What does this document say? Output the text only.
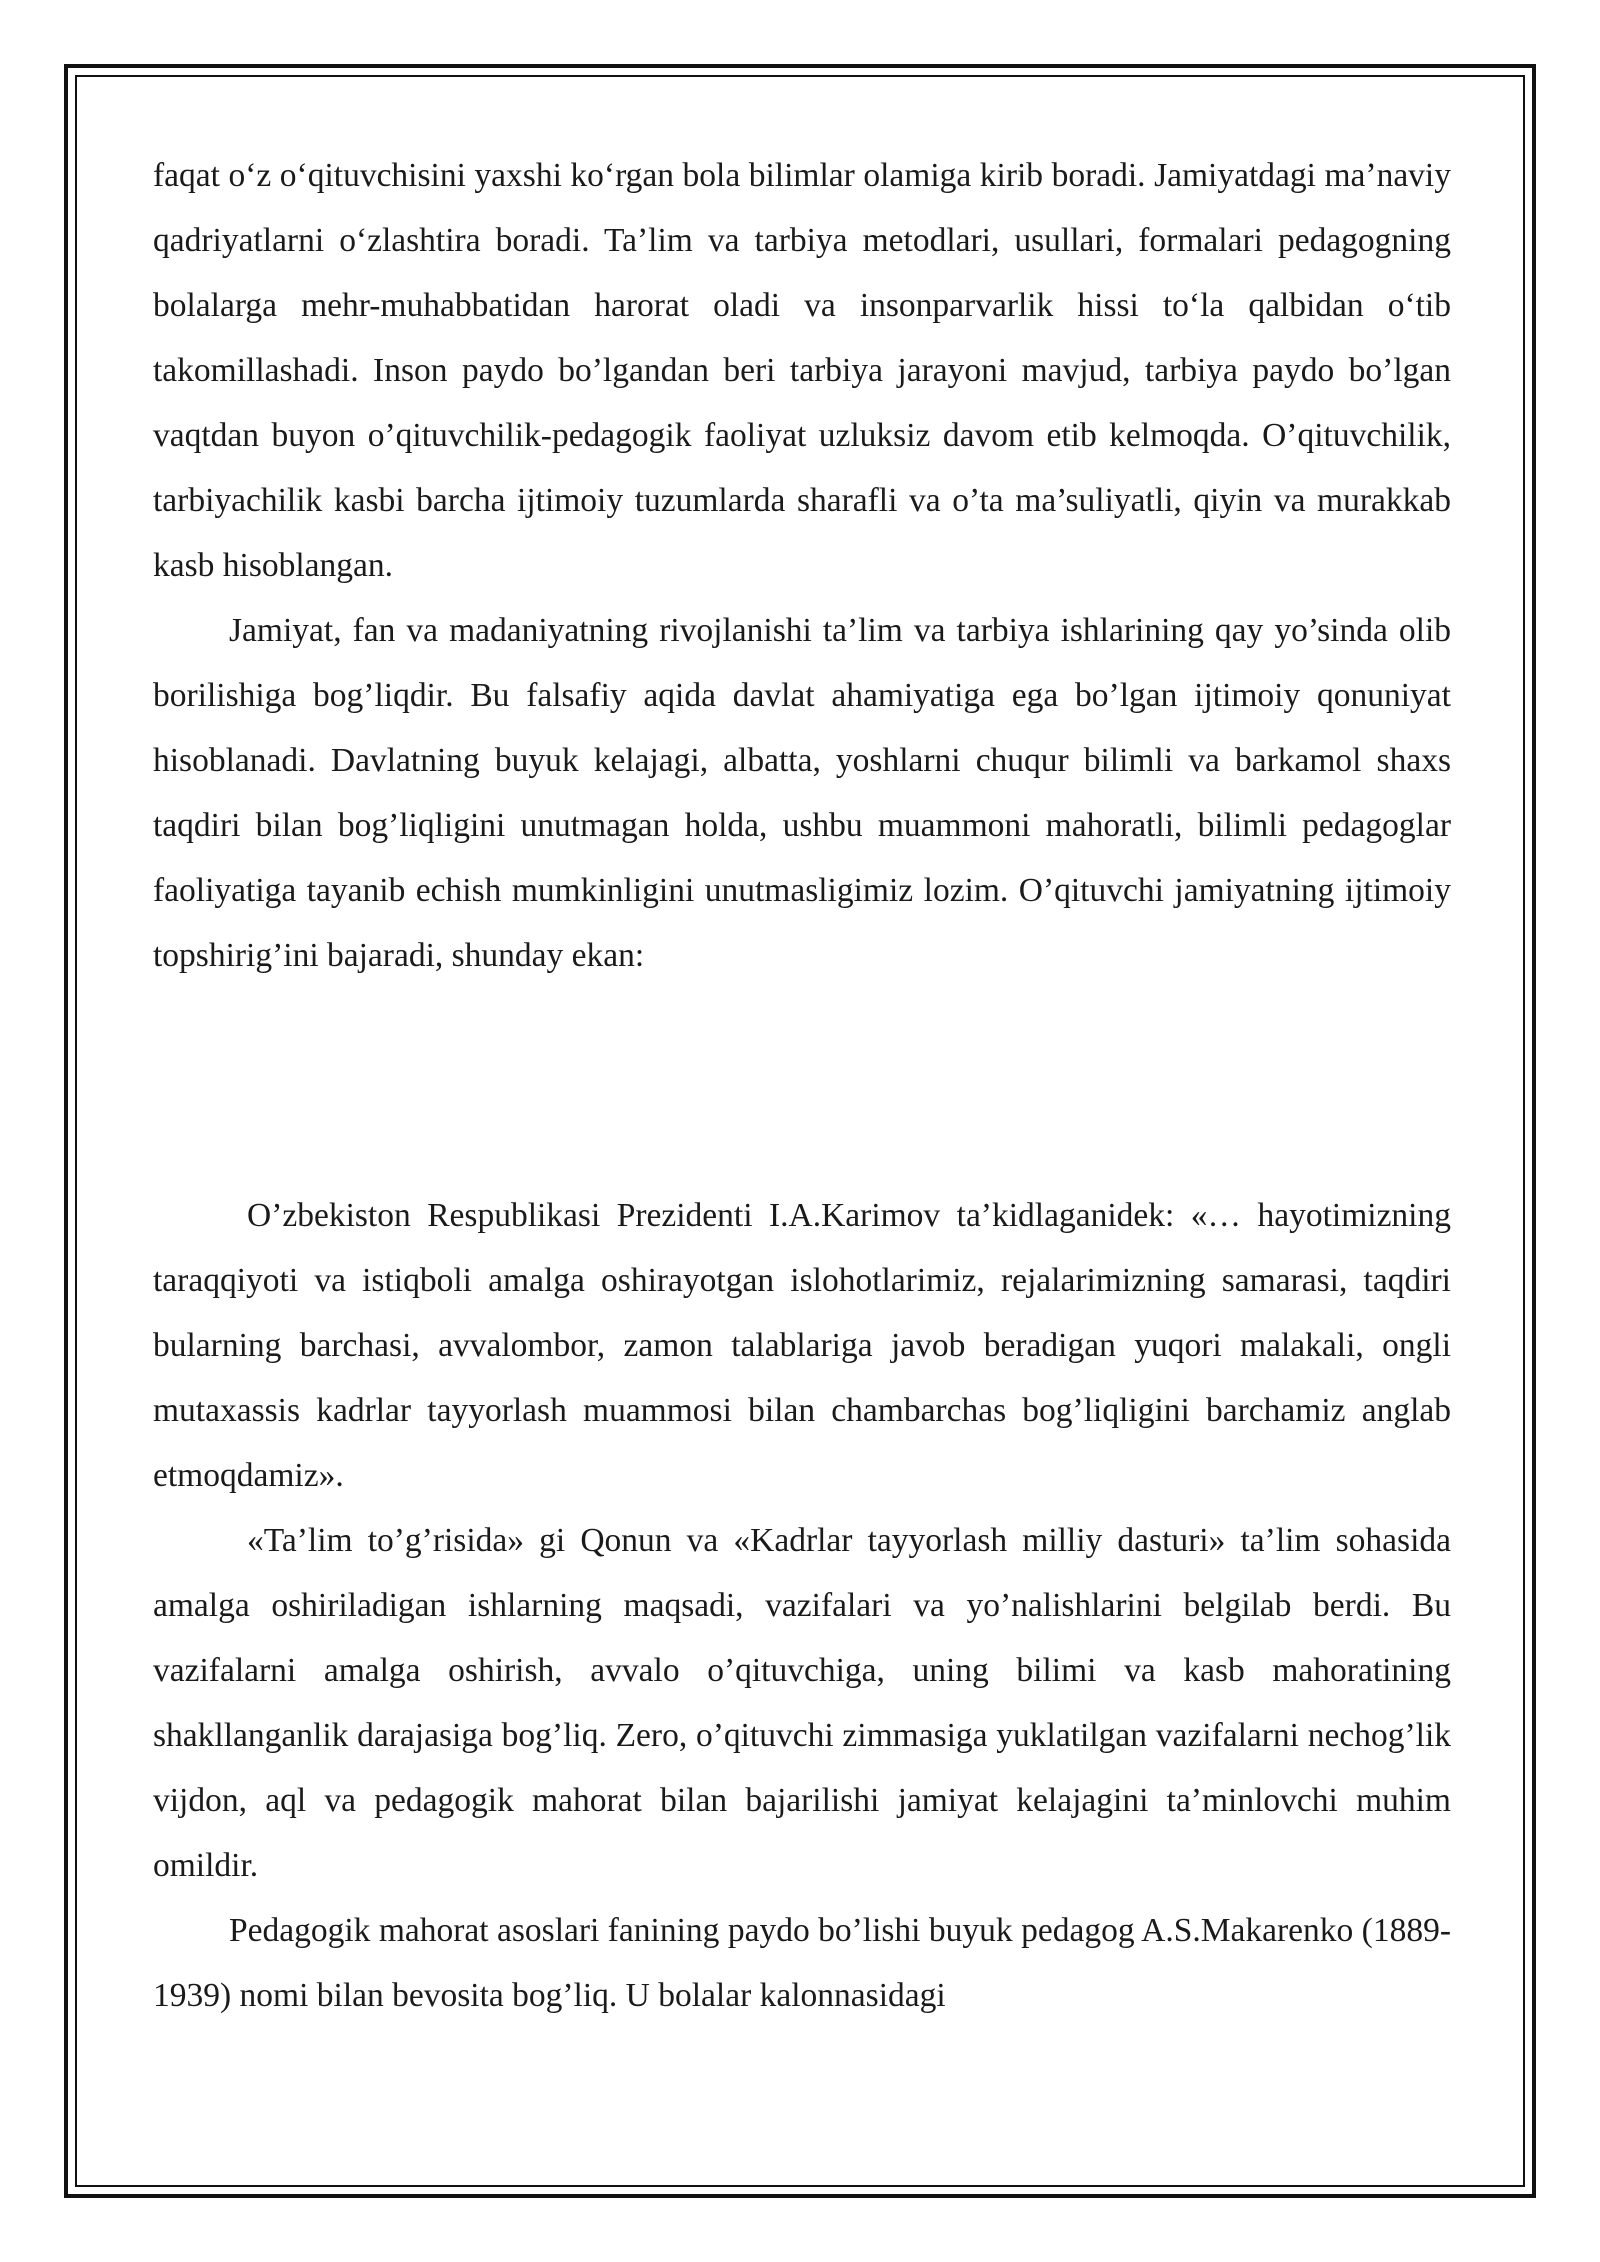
faqat oʻz oʻqituvchisini yaxshi koʻrgan bola bilimlar olamiga kirib boradi. Jamiyatdagi maʼnaviy qadriyatlarni oʻzlashtira boradi. Taʼlim va tarbiya metodlari, usullari, formalari pedagogning bolalarga mehr-muhabbatidan harorat oladi va insonparvarlik hissi toʻla qalbidan oʻtib takomillashadi. Inson paydo bo’lgandan beri tarbiya jarayoni mavjud, tarbiya paydo bo’lgan vaqtdan buyon o’qituvchilik-pedagogik faoliyat uzluksiz davom etib kelmoqda. O’qituvchilik, tarbiyachilik kasbi barcha ijtimoiy tuzumlarda sharafli va o’ta ma’suliyatli, qiyin va murakkab kasb hisoblangan.

Jamiyat, fan va madaniyatning rivojlanishi ta’lim va tarbiya ishlarining qay yo’sinda olib borilishiga bog’liqdir. Bu falsafiy aqida davlat ahamiyatiga ega bo’lgan ijtimoiy qonuniyat hisoblanadi. Davlatning buyuk kelajagi, albatta, yoshlarni chuqur bilimli va barkamol shaxs taqdiri bilan bog’liqligini unutmagan holda, ushbu muammoni mahoratli, bilimli pedagoglar faoliyatiga tayanib echish mumkinligini unutmasligimiz lozim. O’qituvchi jamiyatning ijtimoiy topshirig’ini bajaradi, shunday ekan:

O’zbekiston Respublikasi Prezidenti I.A.Karimov ta’kidlaganidek: «… hayotimizning taraqqiyoti va istiqboli amalga oshirayotgan islohotlarimiz, rejalarimizning samarasi, taqdiri bularning barchasi, avvalombor, zamon talablariga javob beradigan yuqori malakali, ongli mutaxassis kadrlar tayyorlash muammosi bilan chambarchas bog’liqligini barchamiz anglab etmoqdamiz».

«Ta’lim to’g’risida» gi Qonun va «Kadrlar tayyorlash milliy dasturi» ta’lim sohasida amalga oshiriladigan ishlarning maqsadi, vazifalari va yo’nalishlarini belgilab berdi. Bu vazifalarni amalga oshirish, avvalo o’qituvchiga, uning bilimi va kasb mahoratining shakllanganlik darajasiga bog’liq. Zero, o’qituvchi zimmasiga yuklatilgan vazifalarni nechog’lik vijdon, aql va pedagogik mahorat bilan bajarilishi jamiyat kelajagini ta’minlovchi muhim omildir.

Pedagogik mahorat asoslari fanining paydo bo’lishi buyuk pedagog A.S.Makarenko (1889-1939) nomi bilan bevosita bog’liq. U bolalar kalonnasidagi
